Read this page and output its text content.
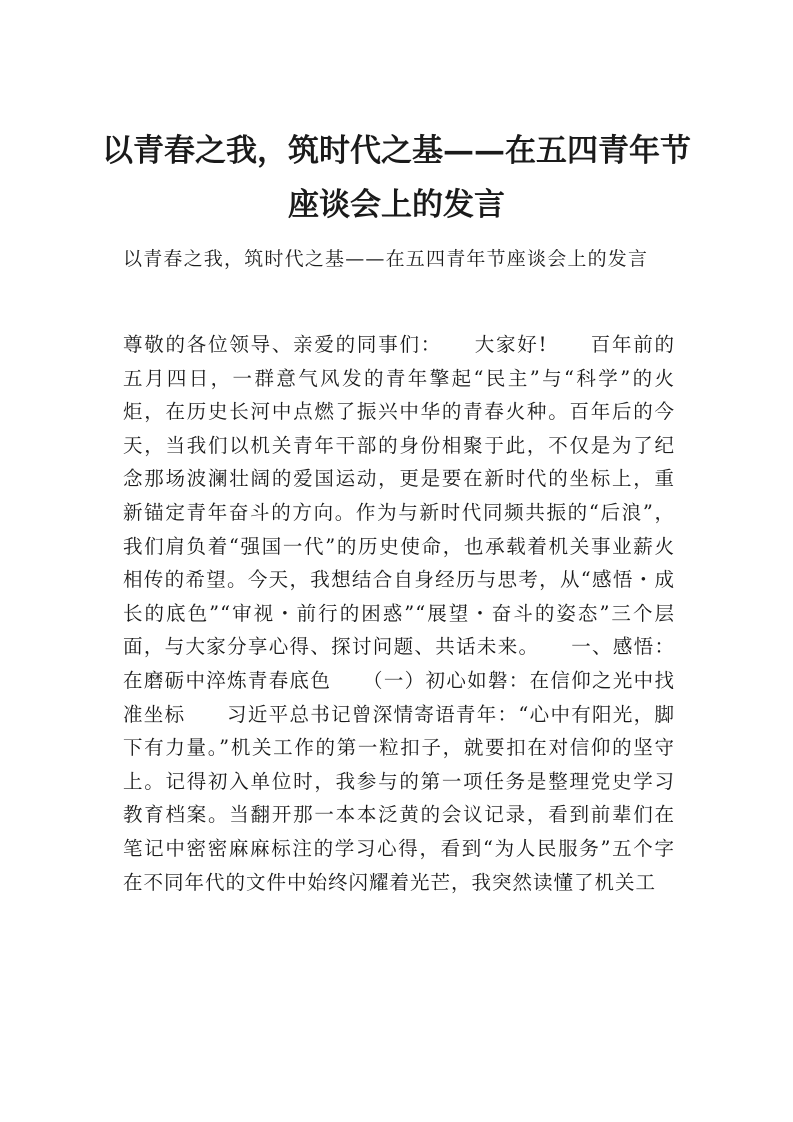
以青春之我，筑时代之基——在五四青年节座谈会上的发言

以青春之我，筑时代之基——在五四青年节座谈会上的发言

尊敬的各位领导、亲爱的同事们：　　大家好!　　百年前的五月四日，一群意气风发的青年擎起“民主”与“科学”的火炬，在历史长河中点燃了振兴中华的青春火种。百年后的今天，当我们以机关青年干部的身份相聚于此，不仅是为了纪念那场波澜壮阔的爱国运动，更是要在新时代的坐标上，重新锚定青年奋斗的方向。作为与新时代同频共振的“后浪”，我们肩负着“强国一代”的历史使命，也承载着机关事业薪火相传的希望。今天，我想结合自身经历与思考，从“感悟・成长的底色”“审视・前行的困惑”“展望・奋斗的姿态”三个层面，与大家分享心得、探讨问题、共话未来。　　一、感悟：在磨砺中淬炼青春底色　　（一）初心如磐：在信仰之光中找准坐标　　习近平总书记曾深情寄语青年：“心中有阳光，脚下有力量。”机关工作的第一粒扣子，就要扣在对信仰的坚守上。记得初入单位时，我参与的第一项任务是整理党史学习教育档案。当翻开那一本本泛黄的会议记录，看到前辈们在笔记中密密麻麻标注的学习心得，看到“为人民服务”五个字在不同年代的文件中始终闪耀着光芒，我突然读懂了机关工
